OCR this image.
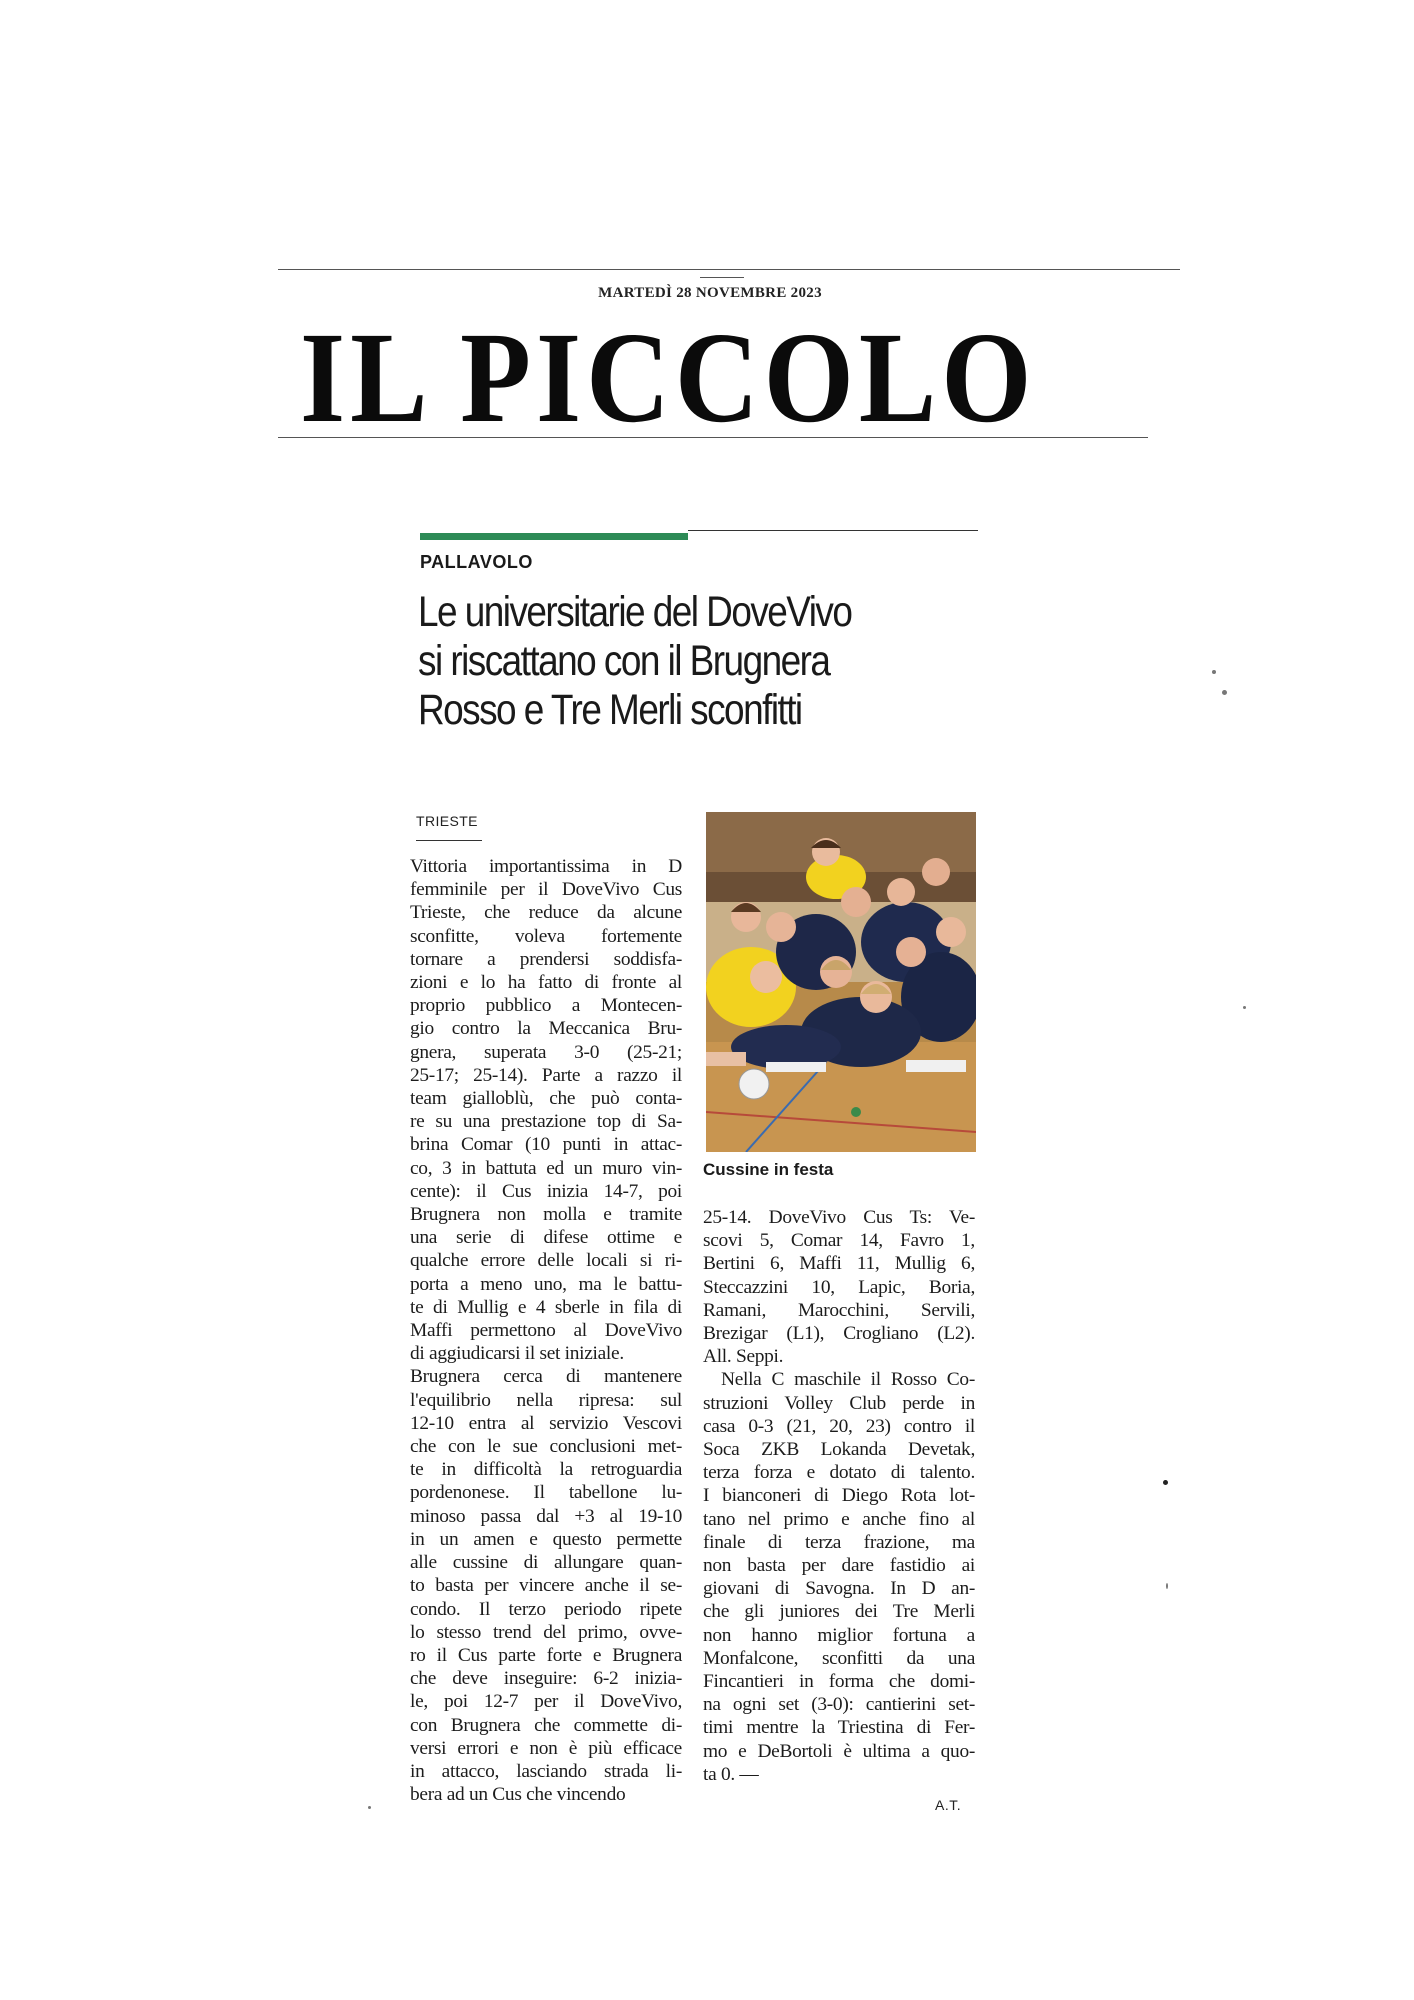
MARTEDÌ 28 NOVEMBRE 2023
IL PICCOLO
PALLAVOLO
Le universitarie del DoveVivo
si riscattano con il Brugnera
Rosso e Tre Merli sconfitti
TRIESTE
Vittoria importantissima in D
femminile per il DoveVivo Cus
Trieste, che reduce da alcune
sconfitte, voleva fortemente
tornare a prendersi soddisfa-
zioni e lo ha fatto di fronte al
proprio pubblico a Montecen-
gio contro la Meccanica Bru-
gnera, superata 3-0 (25-21;
25-17; 25-14). Parte a razzo il
team gialloblù, che può conta-
re su una prestazione top di Sa-
brina Comar (10 punti in attac-
co, 3 in battuta ed un muro vin-
cente): il Cus inizia 14-7, poi
Brugnera non molla e tramite
una serie di difese ottime e
qualche errore delle locali si ri-
porta a meno uno, ma le battu-
te di Mullig e 4 sberle in fila di
Maffi permettono al DoveVivo
di aggiudicarsi il set iniziale.
Brugnera cerca di mantenere
l'equilibrio nella ripresa: sul
12-10 entra al servizio Vescovi
che con le sue conclusioni met-
te in difficoltà la retroguardia
pordenonese. Il tabellone lu-
minoso passa dal +3 al 19-10
in un amen e questo permette
alle cussine di allungare quan-
to basta per vincere anche il se-
condo. Il terzo periodo ripete
lo stesso trend del primo, ovve-
ro il Cus parte forte e Brugnera
che deve inseguire: 6-2 inizia-
le, poi 12-7 per il DoveVivo,
con Brugnera che commette di-
versi errori e non è più efficace
in attacco, lasciando strada li-
bera ad un Cus che vincendo
Cussine in festa
25-14. DoveVivo Cus Ts: Ve-
scovi 5, Comar 14, Favro 1,
Bertini 6, Maffi 11, Mullig 6,
Steccazzini 10, Lapic, Boria,
Ramani, Marocchini, Servili,
Brezigar (L1), Crogliano (L2).
All. Seppi.
Nella C maschile il Rosso Co-
struzioni Volley Club perde in
casa 0-3 (21, 20, 23) contro il
Soca ZKB Lokanda Devetak,
terza forza e dotato di talento.
I bianconeri di Diego Rota lot-
tano nel primo e anche fino al
finale di terza frazione, ma
non basta per dare fastidio ai
giovani di Savogna. In D an-
che gli juniores dei Tre Merli
non hanno miglior fortuna a
Monfalcone, sconfitti da una
Fincantieri in forma che domi-
na ogni set (3-0): cantierini set-
timi mentre la Triestina di Fer-
mo e DeBortoli è ultima a quo-
ta 0. —
A.T.
